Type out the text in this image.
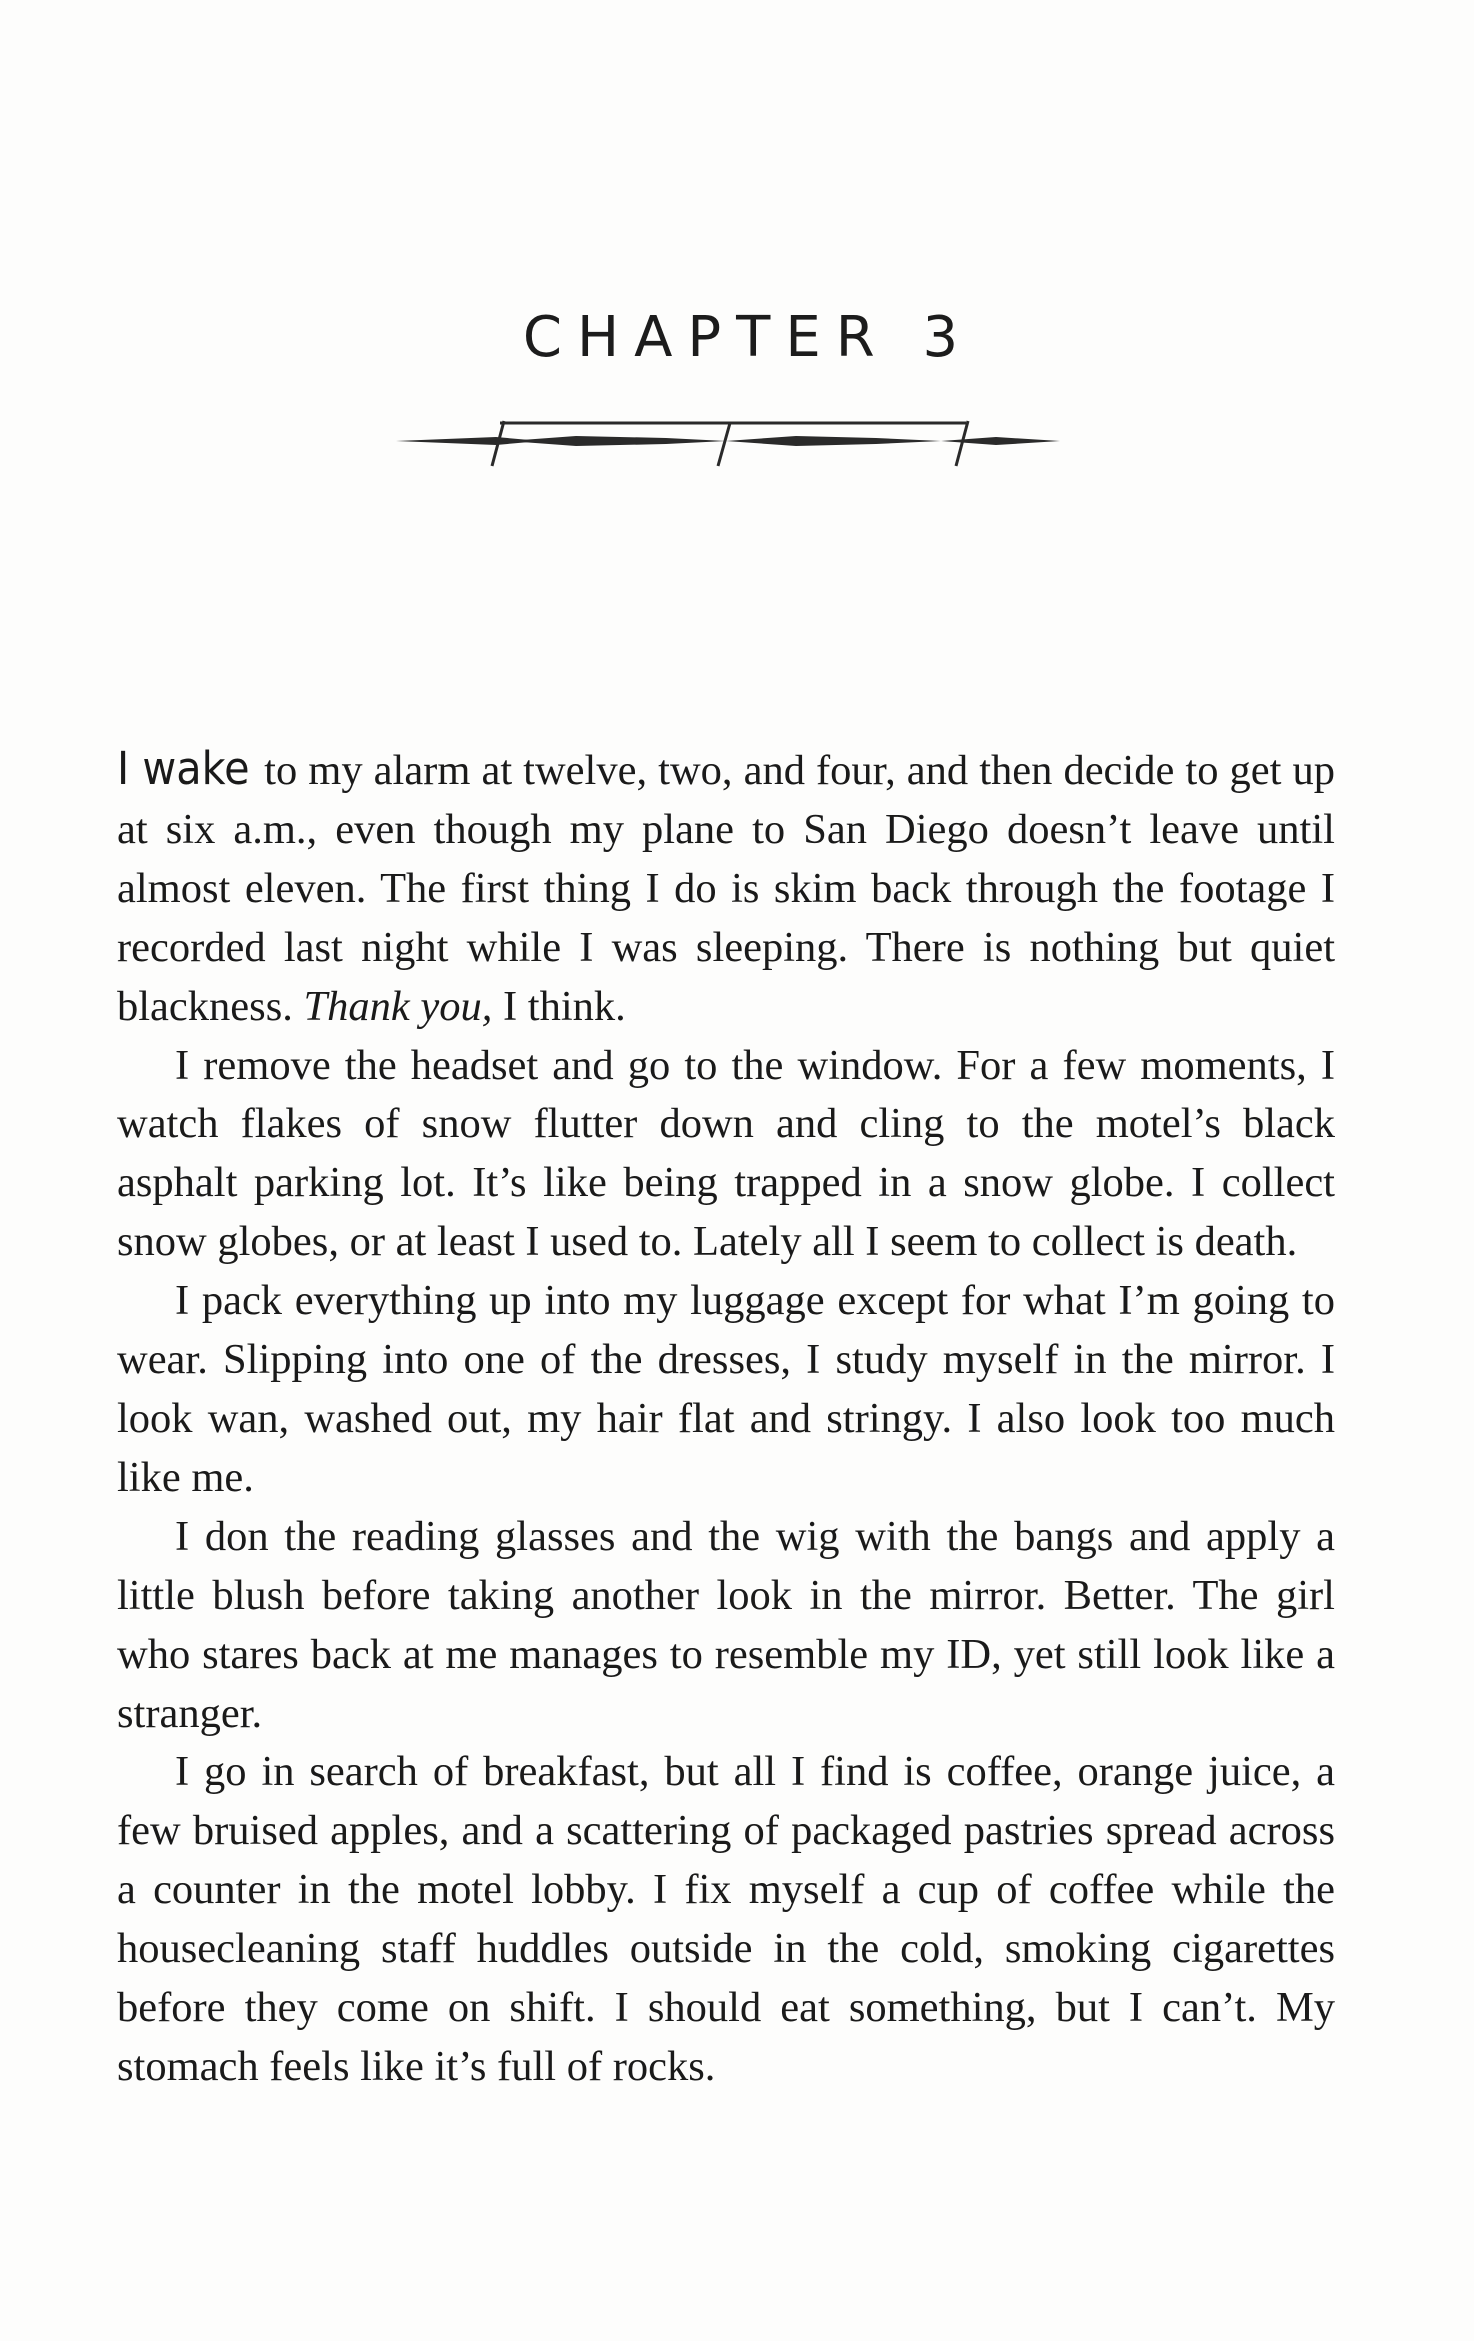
CHAPTER 3

I wake to my alarm at twelve, two, and four, and then decide to get up at six a.m., even though my plane to San Diego doesn’t leave until almost eleven. The first thing I do is skim back through the footage I recorded last night while I was sleeping. There is nothing but quiet blackness. Thank you, I think.

I remove the headset and go to the window. For a few moments, I watch flakes of snow flutter down and cling to the motel’s black asphalt parking lot. It’s like being trapped in a snow globe. I collect snow globes, or at least I used to. Lately all I seem to collect is death.

I pack everything up into my luggage except for what I’m going to wear. Slipping into one of the dresses, I study myself in the mirror. I look wan, washed out, my hair flat and stringy. I also look too much like me.

I don the reading glasses and the wig with the bangs and apply a little blush before taking another look in the mirror. Better. The girl who stares back at me manages to resemble my ID, yet still look like a stranger.

I go in search of breakfast, but all I find is coffee, orange juice, a few bruised apples, and a scattering of packaged pastries spread across a counter in the motel lobby. I fix myself a cup of coffee while the housecleaning staff huddles outside in the cold, smoking cigarettes before they come on shift. I should eat something, but I can’t. My stomach feels like it’s full of rocks.
